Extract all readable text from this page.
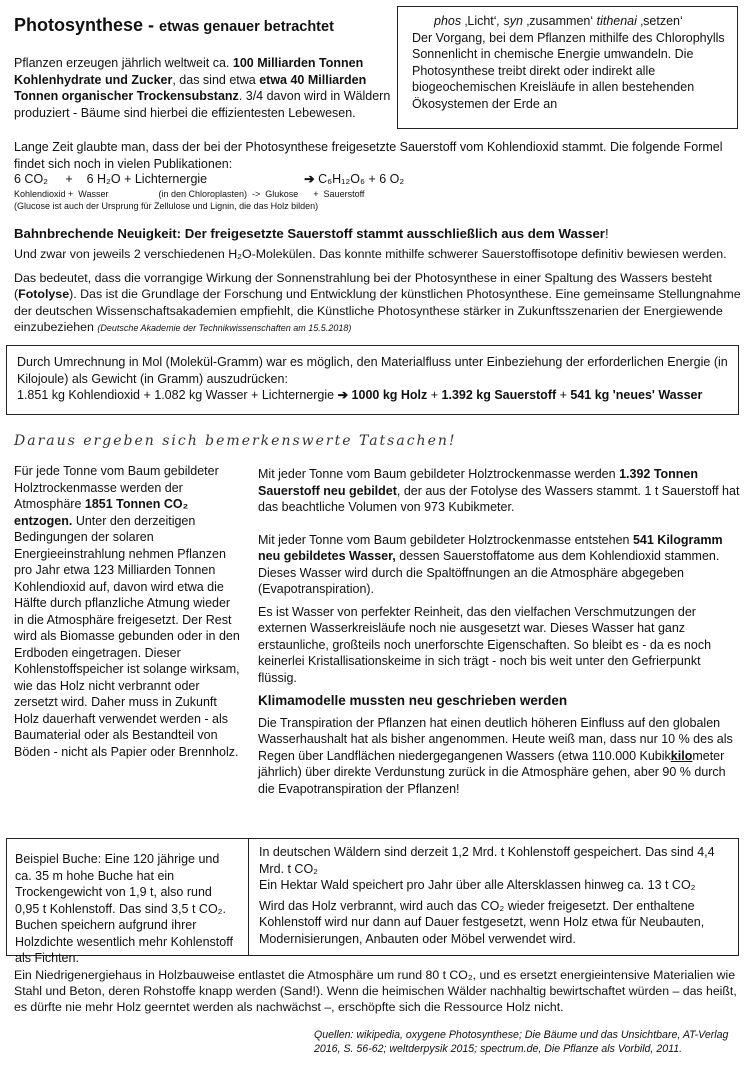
Photosynthese - etwas genauer betrachtet	phos ‚Licht‘, syn ‚zusammen‘ tithenai ‚setzen‘

Der Vorgang, bei dem Pflanzen mithilfe des Chlorophylls

Sonnenlicht in chemische Energie umwandeln. Die

Photosynthese treibt direkt oder indirekt alle

biogeochemischen Kreisläufe in allen bestehenden

Ökosystemen der Erde an

Pflanzen erzeugen jährlich weltweit ca. 100 Milliarden Tonnen Kohlenhydrate und Zucker, das sind etwa etwa 40 Milliarden Tonnen organischer Trockensubstanz. 3/4 davon wird in Wäldern produziert - Bäume sind hierbei die effizientesten Lebewesen.

Lange Zeit glaubte man, dass der bei der Photosynthese freigesetzte Sauerstoff vom Kohlendioxid stammt. Die folgende Formel findet sich noch in vielen Publikationen:

6 CO₂     +    6 H₂O + Lichternergie	➔ C₆H₁₂O₆ + 6 O₂

Kohlendioxid +  Wasser                    (in den Chloroplasten)  ->  Glukose      +  Sauerstoff

(Glucose ist auch der Ursprung für Zellulose und Lignin, die das Holz bilden)

Bahnbrechende Neuigkeit: Der freigesetzte Sauerstoff stammt ausschließlich aus dem Wasser!

Und zwar von jeweils 2 verschiedenen H₂O-Molekülen. Das konnte mithilfe schwerer Sauerstoffisotope definitiv bewiesen werden.

Das bedeutet, dass die vorrangige Wirkung der Sonnenstrahlung bei der Photosynthese in einer Spaltung des Wassers besteht (Fotolyse). Das ist die Grundlage der Forschung und Entwicklung der künstlichen Photosynthese. Eine gemeinsame Stellungnahme der deutschen Wissenschaftsakademien empfiehlt, die Künstliche Photosynthese stärker in Zukunftsszenarien der Energiewende einzubeziehen (Deutsche Akademie der Technikwissenschaften am 15.5.2018)

Durch Umrechnung in Mol (Molekül-Gramm) war es möglich, den Materialfluss unter Einbeziehung der erforderlichen Energie (in Kilojoule) als Gewicht (in Gramm) auszudrücken:

1.851 kg Kohlendioxid + 1.082 kg Wasser + Lichternergie ➔ 1000 kg Holz + 1.392 kg Sauerstoff + 541 kg 'neues' Wasser

Daraus ergeben sich bemerkenswerte Tatsachen!

Für jede Tonne vom Baum gebildeter Holztrockenmasse werden der Atmosphäre 1851 Tonnen CO₂ entzogen. Unter den derzeitigen Bedingungen der solaren Energieeinstrahlung nehmen Pflanzen pro Jahr etwa 123 Milliarden Tonnen Kohlendioxid auf, davon wird etwa die Hälfte durch pflanzliche Atmung wieder in die Atmosphäre freigesetzt. Der Rest wird als Biomasse gebunden oder in den Erdboden eingetragen. Dieser Kohlenstoffspeicher ist solange wirksam, wie das Holz nicht verbrannt oder zersetzt wird. Daher muss in Zukunft Holz dauerhaft verwendet werden - als Baumaterial oder als Bestandteil von Böden - nicht als Papier oder Brennholz.

Mit jeder Tonne vom Baum gebildeter Holztrockenmasse werden 1.392 Tonnen Sauerstoff neu gebildet, der aus der Fotolyse des Wassers stammt. 1 t Sauerstoff hat das beachtliche Volumen von 973 Kubikmeter.

Mit jeder Tonne vom Baum gebildeter Holztrockenmasse entstehen 541 Kilogramm neu gebildetes Wasser, dessen Sauerstoffatome aus dem Kohlendioxid stammen. Dieses Wasser wird durch die Spaltöffnungen an die Atmosphäre abgegeben (Evapotranspiration).

Es ist Wasser von perfekter Reinheit, das den vielfachen Verschmutzungen der externen Wasserkreisläufe noch nie ausgesetzt war. Dieses Wasser hat ganz erstaunliche, großteils noch unerforschte Eigenschaften. So bleibt es - da es noch keinerlei Kristallisationskeime in sich trägt - noch bis weit unter den Gefrierpunkt flüssig.

Klimamodelle mussten neu geschrieben werden

Die Transpiration der Pflanzen hat einen deutlich höheren Einfluss auf den globalen Wasserhaushalt hat als bisher angenommen. Heute weiß man, dass nur 10 % des als Regen über Landflächen niedergegangenen Wassers (etwa 110.000 Kubikkilometer jährlich) über direkte Verdunstung zurück in die Atmosphäre gehen, aber 90 % durch die Evapotranspiration der Pflanzen!

Beispiel Buche: Eine 120 jährige und ca. 35 m hohe Buche hat ein Trockengewicht von 1,9 t, also rund 0,95 t Kohlenstoff. Das sind 3,5 t CO₂. Buchen speichern aufgrund ihrer Holzdichte wesentlich mehr Kohlenstoff als Fichten.

In deutschen Wäldern sind derzeit 1,2 Mrd. t Kohlenstoff gespeichert. Das sind 4,4 Mrd. t CO₂

Ein Hektar Wald speichert pro Jahr über alle Altersklassen hinweg ca. 13 t CO₂

Wird das Holz verbrannt, wird auch das CO₂ wieder freigesetzt. Der enthaltene Kohlenstoff wird nur dann auf Dauer festgesetzt, wenn Holz etwa für Neubauten, Modernisierungen, Anbauten oder Möbel verwendet wird.

Ein Niedrigenergiehaus in Holzbauweise entlastet die Atmosphäre um rund 80 t CO₂, und es ersetzt energieintensive Materialien wie Stahl und Beton, deren Rohstoffe knapp werden (Sand!). Wenn die heimischen Wälder nachhaltig bewirtschaftet würden – das heißt, es dürfte nie mehr Holz geerntet werden als nachwächst –, erschöpfte sich die Ressource Holz nicht.

Quellen: wikipedia, oxygene Photosynthese; Die Bäume und das Unsichtbare, AT-Verlag 2016, S. 56-62; weltderpysik 2015; spectrum.de, Die Pflanze als Vorbild, 2011.
